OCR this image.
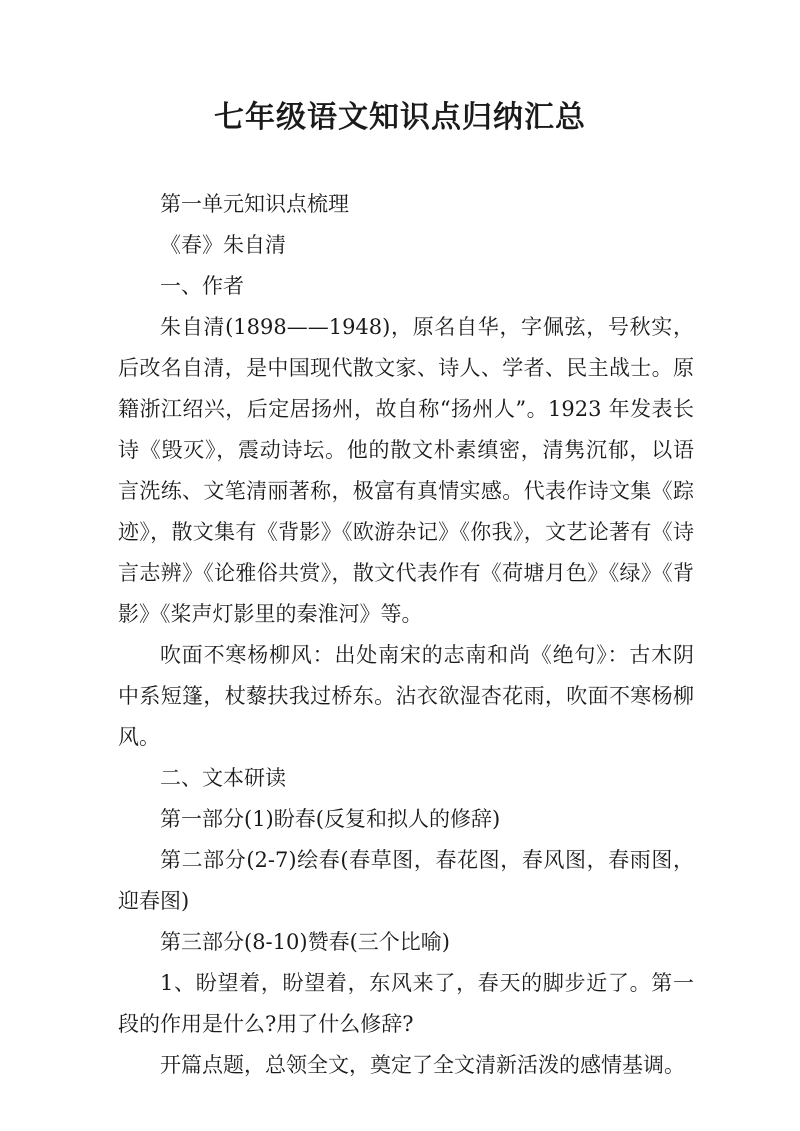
七年级语文知识点归纳汇总

第一单元知识点梳理

《春》朱自清

一、作者

朱自清(1898——1948)，原名自华，字佩弦，号秋实，后改名自清，是中国现代散文家、诗人、学者、民主战士。原籍浙江绍兴，后定居扬州，故自称“扬州人”。1923 年发表长诗《毁灭》，震动诗坛。他的散文朴素缜密，清隽沉郁，以语言洗练、文笔清丽著称，极富有真情实感。代表作诗文集《踪迹》，散文集有《背影》《欧游杂记》《你我》，文艺论著有《诗言志辨》《论雅俗共赏》，散文代表作有《荷塘月色》《绿》《背影》《桨声灯影里的秦淮河》等。

吹面不寒杨柳风：出处南宋的志南和尚《绝句》：古木阴中系短篷，杖藜扶我过桥东。沾衣欲湿杏花雨，吹面不寒杨柳风。

二、文本研读

第一部分(1)盼春(反复和拟人的修辞)

第二部分(2-7)绘春(春草图，春花图，春风图，春雨图，迎春图)

第三部分(8-10)赞春(三个比喻)

1、盼望着，盼望着，东风来了，春天的脚步近了。第一段的作用是什么?用了什么修辞?

开篇点题，总领全文，奠定了全文清新活泼的感情基调。
